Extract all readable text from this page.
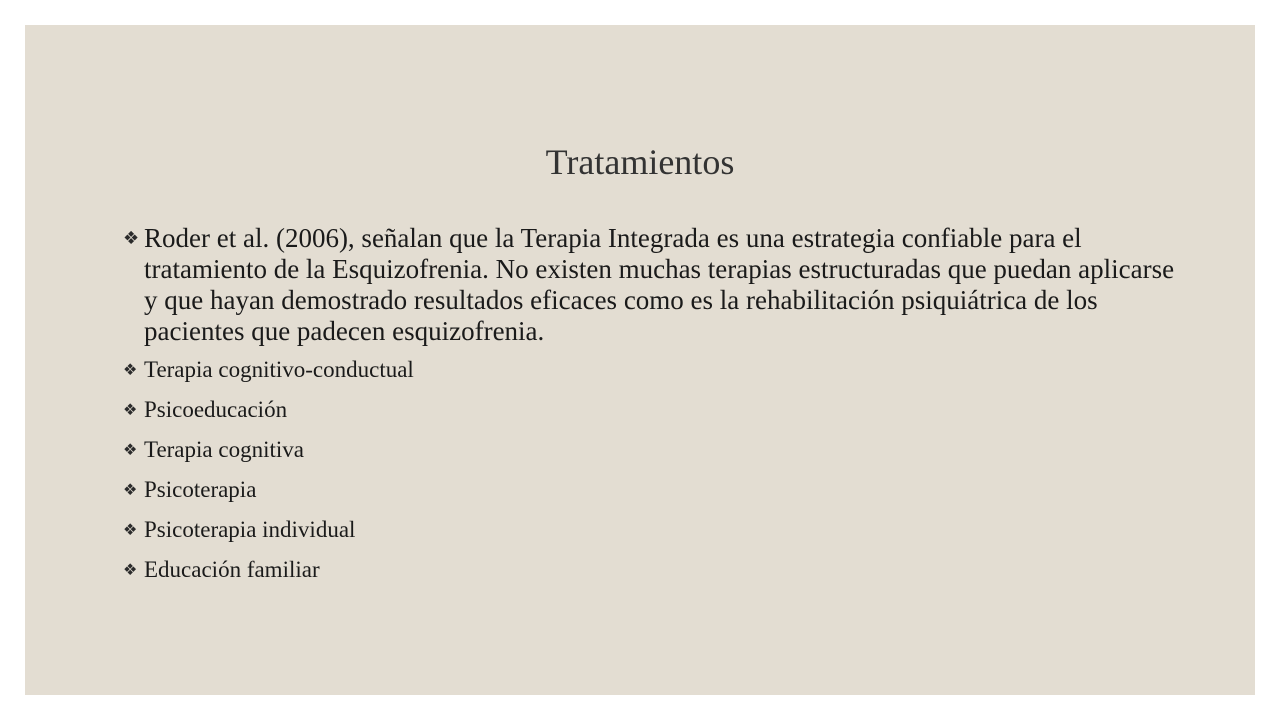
Tratamientos
❖ Roder et al. (2006), señalan que la Terapia Integrada es una estrategia confiable para el tratamiento de la Esquizofrenia. No existen muchas terapias estructuradas que puedan aplicarse y que hayan demostrado resultados eficaces como es la rehabilitación psiquiátrica de los pacientes que padecen esquizofrenia.
❖ Terapia cognitivo-conductual
❖ Psicoeducación
❖ Terapia cognitiva
❖ Psicoterapia
❖ Psicoterapia individual
❖ Educación familiar
